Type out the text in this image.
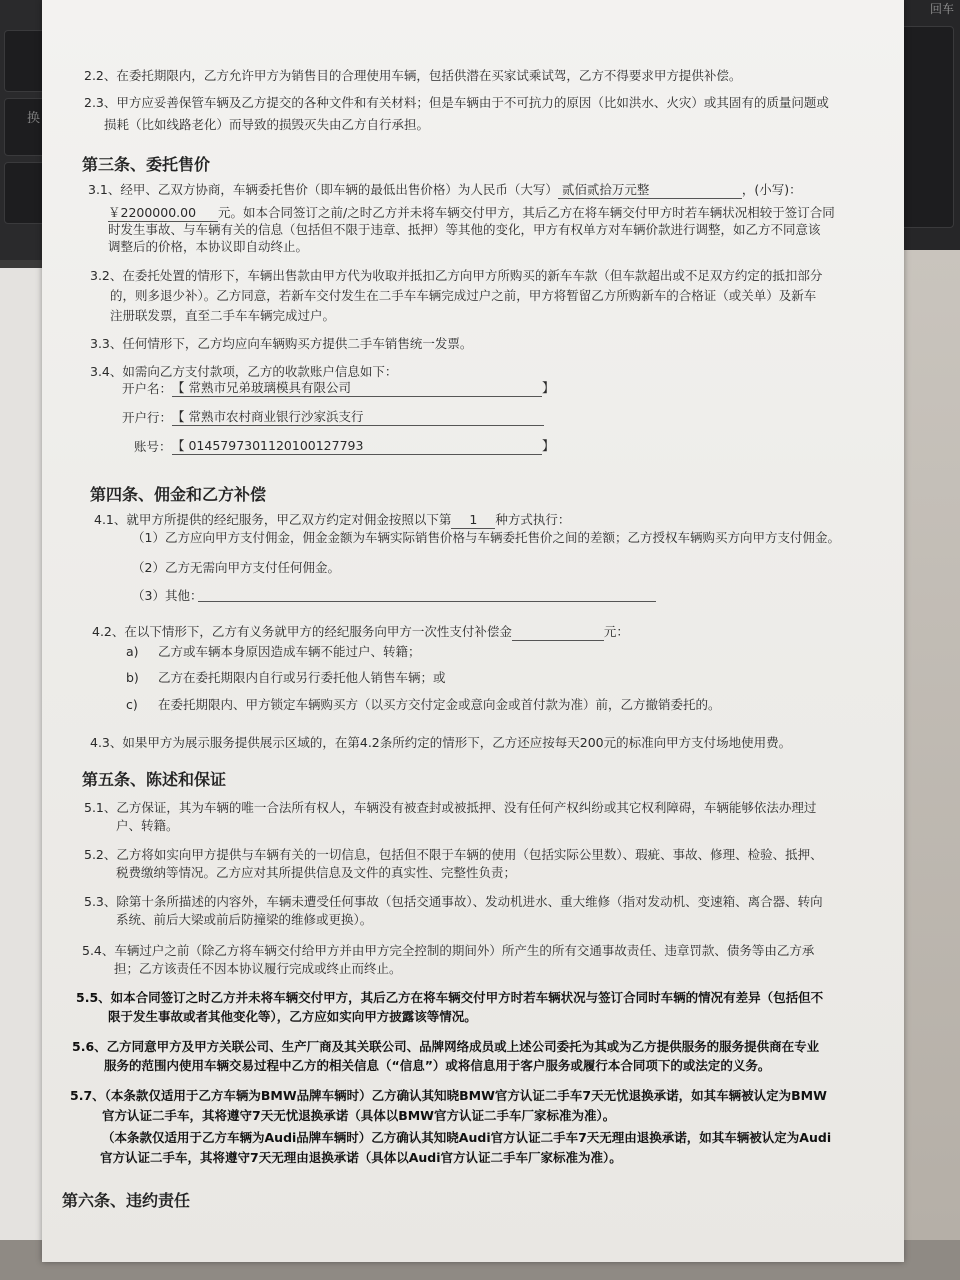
换
回车
2.2、在委托期限内，乙方允许甲方为销售目的合理使用车辆，包括供潜在买家试乘试驾，乙方不得要求甲方提供补偿。
2.3、甲方应妥善保管车辆及乙方提交的各种文件和有关材料；但是车辆由于不可抗力的原因（比如洪水、火灾）或其固有的质量问题或
损耗（比如线路老化）而导致的损毁灭失由乙方自行承担。
第三条、委托售价
3.1、经甲、乙双方协商，车辆委托售价（即车辆的最低出售价格）为人民币（大写） 贰佰贰拾万元整	，(小写)：
￥2200000.00 元。如本合同签订之前/之时乙方并未将车辆交付甲方，其后乙方在将车辆交付甲方时若车辆状况相较于签订合同
时发生事故、与车辆有关的信息（包括但不限于违章、抵押）等其他的变化，甲方有权单方对车辆价款进行调整，如乙方不同意该
调整后的价格，本协议即自动终止。
3.2、在委托处置的情形下，车辆出售款由甲方代为收取并抵扣乙方向甲方所购买的新车车款（但车款超出或不足双方约定的抵扣部分
的，则多退少补）。乙方同意，若新车交付发生在二手车车辆完成过户之前，甲方将暂留乙方所购新车的合格证（或关单）及新车
注册联发票，直至二手车车辆完成过户。
3.3、任何情形下，乙方均应向车辆购买方提供二手车销售统一发票。
3.4、如需向乙方支付款项，乙方的收款账户信息如下：
开户名： 【 常熟市兄弟玻璃模具有限公司	】
开户行： 【 常熟市农村商业银行沙家浜支行
账号： 【 0145797301120100127793	】
第四条、佣金和乙方补偿
4.1、就甲方所提供的经纪服务，甲乙双方约定对佣金按照以下第 1 种方式执行：
（1）乙方应向甲方支付佣金，佣金金额为车辆实际销售价格与车辆委托售价之间的差额；乙方授权车辆购买方向甲方支付佣金。
（2）乙方无需向甲方支付任何佣金。
（3）其他：
4.2、在以下情形下，乙方有义务就甲方的经纪服务向甲方一次性支付补偿金	元：
a) 乙方或车辆本身原因造成车辆不能过户、转籍；
b) 乙方在委托期限内自行或另行委托他人销售车辆；或
c) 在委托期限内、甲方锁定车辆购买方（以买方交付定金或意向金或首付款为准）前，乙方撤销委托的。
4.3、如果甲方为展示服务提供展示区域的，在第4.2条所约定的情形下，乙方还应按每天200元的标准向甲方支付场地使用费。
第五条、陈述和保证
5.1、乙方保证，其为车辆的唯一合法所有权人，车辆没有被查封或被抵押、没有任何产权纠纷或其它权利障碍，车辆能够依法办理过
户、转籍。
5.2、乙方将如实向甲方提供与车辆有关的一切信息，包括但不限于车辆的使用（包括实际公里数）、瑕疵、事故、修理、检验、抵押、
税费缴纳等情况。乙方应对其所提供信息及文件的真实性、完整性负责；
5.3、除第十条所描述的内容外，车辆未遭受任何事故（包括交通事故）、发动机进水、重大维修（指对发动机、变速箱、离合器、转向
系统、前后大梁或前后防撞梁的维修或更换）。
5.4、车辆过户之前（除乙方将车辆交付给甲方并由甲方完全控制的期间外）所产生的所有交通事故责任、违章罚款、债务等由乙方承
担；乙方该责任不因本协议履行完成或终止而终止。
5.5、如本合同签订之时乙方并未将车辆交付甲方，其后乙方在将车辆交付甲方时若车辆状况与签订合同时车辆的情况有差异（包括但不
限于发生事故或者其他变化等），乙方应如实向甲方披露该等情况。
5.6、乙方同意甲方及甲方关联公司、生产厂商及其关联公司、品牌网络成员或上述公司委托为其或为乙方提供服务的服务提供商在专业
服务的范围内使用车辆交易过程中乙方的相关信息（“信息”）或将信息用于客户服务或履行本合同项下的或法定的义务。
5.7、（本条款仅适用于乙方车辆为BMW品牌车辆时）乙方确认其知晓BMW官方认证二手车7天无忧退换承诺，如其车辆被认定为BMW
官方认证二手车，其将遵守7天无忧退换承诺（具体以BMW官方认证二手车厂家标准为准）。
（本条款仅适用于乙方车辆为Audi品牌车辆时）乙方确认其知晓Audi官方认证二手车7天无理由退换承诺，如其车辆被认定为Audi
官方认证二手车，其将遵守7天无理由退换承诺（具体以Audi官方认证二手车厂家标准为准）。
第六条、违约责任
